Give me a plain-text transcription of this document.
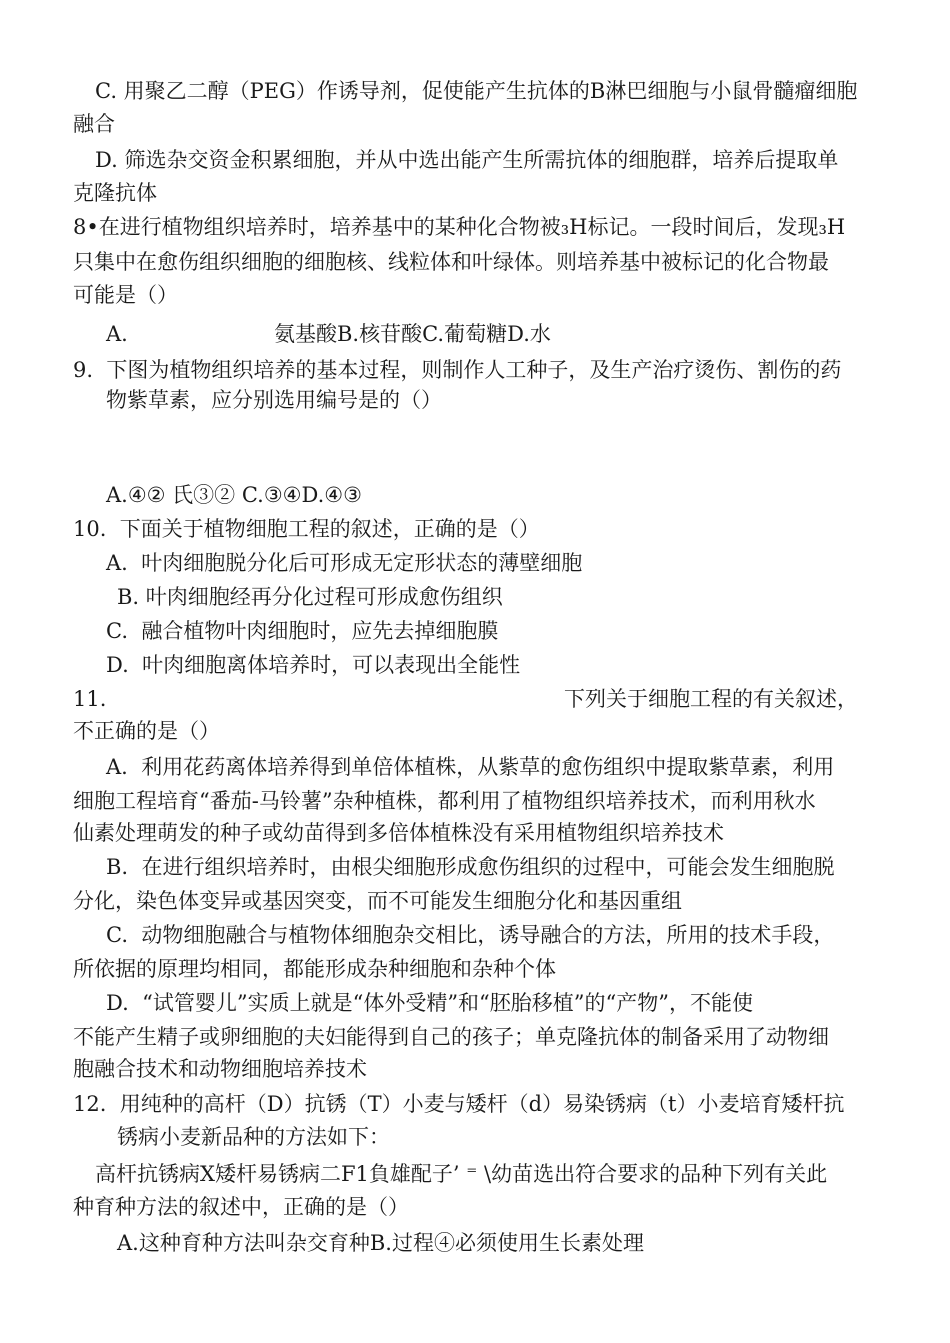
C. 用聚乙二醇（PEG）作诱导剂，促使能产生抗体的B淋巴细胞与小鼠骨髓瘤细胞
融合
D. 筛选杂交资金积累细胞，并从中选出能产生所需抗体的细胞群，培养后提取单
克隆抗体
8•在进行植物组织培养时，培养基中的某种化合物被₃H标记。一段时间后，发现₃H
只集中在愈伤组织细胞的细胞核、线粒体和叶绿体。则培养基中被标记的化合物最
可能是（）
A.	氨基酸B.核苷酸C.葡萄糖D.水
9.  下图为植物组织培养的基本过程，则制作人工种子，及生产治疗烫伤、割伤的药
物紫草素，应分别选用编号是的（）
A.④② 氏③② C.③④D.④③
10.  下面关于植物细胞工程的叙述，正确的是（）
A.  叶肉细胞脱分化后可形成无定形状态的薄壁细胞
B. 叶肉细胞经再分化过程可形成愈伤组织
C.  融合植物叶肉细胞时，应先去掉细胞膜
D.  叶肉细胞离体培养时，可以表现出全能性
11.	下列关于细胞工程的有关叙述，
不正确的是（）
A.  利用花药离体培养得到单倍体植株，从紫草的愈伤组织中提取紫草素，利用
细胞工程培育“番茄-马铃薯”杂种植株，都利用了植物组织培养技术，而利用秋水
仙素处理萌发的种子或幼苗得到多倍体植株没有采用植物组织培养技术
B.  在进行组织培养时，由根尖细胞形成愈伤组织的过程中，可能会发生细胞脱
分化，染色体变异或基因突变，而不可能发生细胞分化和基因重组
C.  动物细胞融合与植物体细胞杂交相比，诱导融合的方法，所用的技术手段，
所依据的原理均相同，都能形成杂种细胞和杂种个体
D.  “试管婴儿”实质上就是“体外受精”和“胚胎移植”的“产物”，不能使
不能产生精子或卵细胞的夫妇能得到自己的孩子；单克隆抗体的制备采用了动物细
胞融合技术和动物细胞培养技术
12.  用纯种的高杆（D）抗锈（T）小麦与矮杆（d）易染锈病（t）小麦培育矮杆抗
锈病小麦新品种的方法如下：
高杆抗锈病X矮杆易锈病二F1負雄配子’ ⁼ \幼苗选出符合要求的品种下列有关此
种育种方法的叙述中，正确的是（）
A.这种育种方法叫杂交育种B.过程④必须使用生长素处理
